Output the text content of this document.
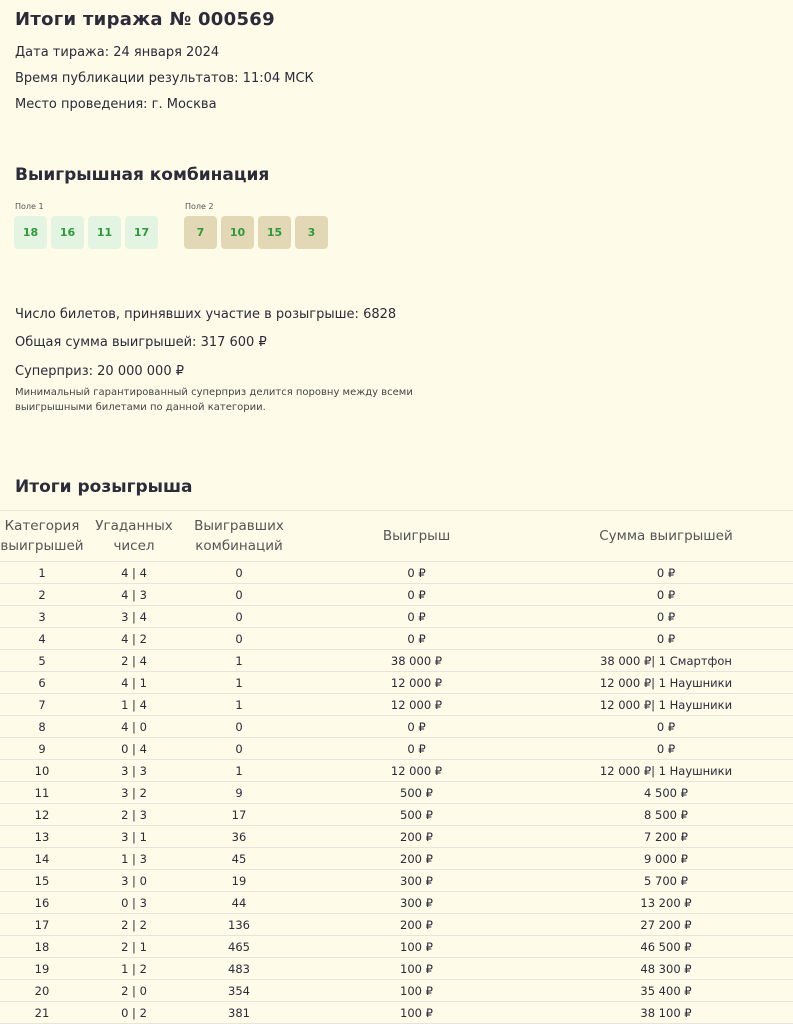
Итоги тиража № 000569
Дата тиража: 24 января 2024
Время публикации результатов: 11:04 МСК
Место проведения: г. Москва
Выигрышная комбинация
Поле 1
18	16	11	17
Поле 2
7	10	15	3
Число билетов, принявших участие в розыгрыше: 6828
Общая сумма выигрышей: 317 600 ₽
Суперприз: 20 000 000 ₽
Минимальный гарантированный суперприз делится поровну между всеми выигрышными билетами по данной категории.
Итоги розыгрыша
Категория выигрышей	Угаданных чисел	Выигравших комбинаций	Выигрыш	Сумма выигрышей
1	4 | 4	0	0 ₽	0 ₽
2	4 | 3	0	0 ₽	0 ₽
3	3 | 4	0	0 ₽	0 ₽
4	4 | 2	0	0 ₽	0 ₽
5	2 | 4	1	38 000 ₽	38 000 ₽| 1 Смартфон
6	4 | 1	1	12 000 ₽	12 000 ₽| 1 Наушники
7	1 | 4	1	12 000 ₽	12 000 ₽| 1 Наушники
8	4 | 0	0	0 ₽	0 ₽
9	0 | 4	0	0 ₽	0 ₽
10	3 | 3	1	12 000 ₽	12 000 ₽| 1 Наушники
11	3 | 2	9	500 ₽	4 500 ₽
12	2 | 3	17	500 ₽	8 500 ₽
13	3 | 1	36	200 ₽	7 200 ₽
14	1 | 3	45	200 ₽	9 000 ₽
15	3 | 0	19	300 ₽	5 700 ₽
16	0 | 3	44	300 ₽	13 200 ₽
17	2 | 2	136	200 ₽	27 200 ₽
18	2 | 1	465	100 ₽	46 500 ₽
19	1 | 2	483	100 ₽	48 300 ₽
20	2 | 0	354	100 ₽	35 400 ₽
21	0 | 2	381	100 ₽	38 100 ₽
